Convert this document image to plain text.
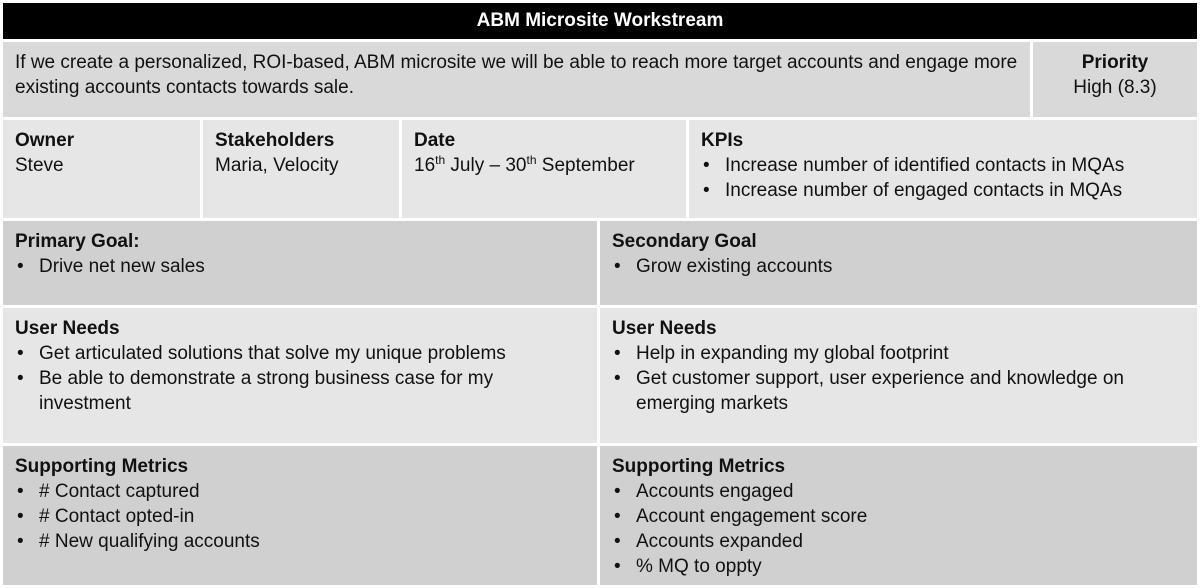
ABM Microsite Workstream
If we create a personalized, ROI-based, ABM microsite we will be able to reach more target accounts and engage more existing accounts contacts towards sale.
Priority
High (8.3)
Owner
Steve
Stakeholders
Maria, Velocity
Date
16th July – 30th September
KPIs
• Increase number of identified contacts in MQAs
• Increase number of engaged contacts in MQAs
Primary Goal:
• Drive net new sales
Secondary Goal
• Grow existing accounts
User Needs
• Get articulated solutions that solve my unique problems
• Be able to demonstrate a strong business case for my investment
User Needs
• Help in expanding my global footprint
• Get customer support, user experience and knowledge on emerging markets
Supporting Metrics
• # Contact captured
• # Contact opted-in
• # New qualifying accounts
Supporting Metrics
• Accounts engaged
• Account engagement score
• Accounts expanded
• % MQ to oppty
